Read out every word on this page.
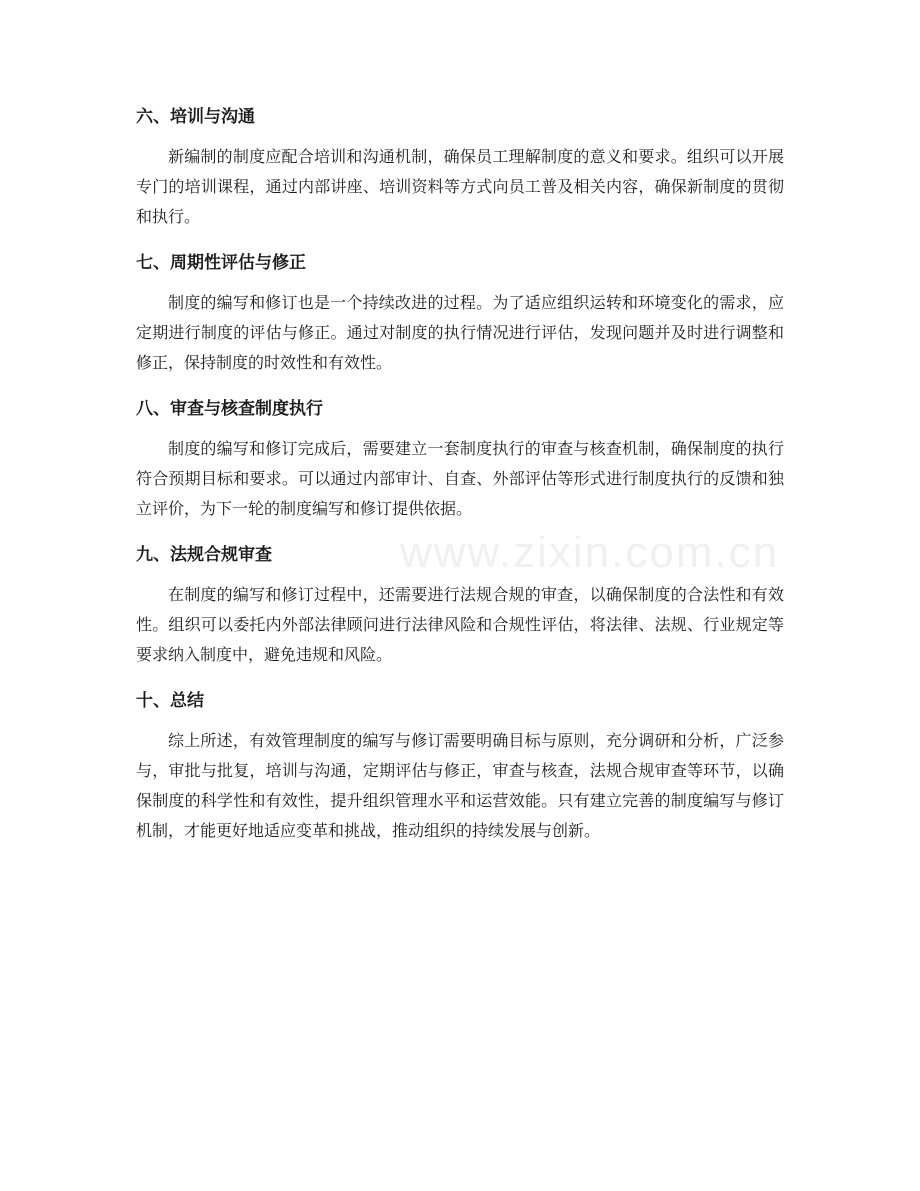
www.zixin.com.cn
六、培训与沟通

新编制的制度应配合培训和沟通机制，确保员工理解制度的意义和要求。组织可以开展专门的培训课程，通过内部讲座、培训资料等方式向员工普及相关内容，确保新制度的贯彻和执行。

七、周期性评估与修正

制度的编写和修订也是一个持续改进的过程。为了适应组织运转和环境变化的需求，应定期进行制度的评估与修正。通过对制度的执行情况进行评估，发现问题并及时进行调整和修正，保持制度的时效性和有效性。

八、审查与核查制度执行

制度的编写和修订完成后，需要建立一套制度执行的审查与核查机制，确保制度的执行符合预期目标和要求。可以通过内部审计、自查、外部评估等形式进行制度执行的反馈和独立评价，为下一轮的制度编写和修订提供依据。

九、法规合规审查

在制度的编写和修订过程中，还需要进行法规合规的审查，以确保制度的合法性和有效性。组织可以委托内外部法律顾问进行法律风险和合规性评估，将法律、法规、行业规定等要求纳入制度中，避免违规和风险。

十、总结

综上所述，有效管理制度的编写与修订需要明确目标与原则，充分调研和分析，广泛参与，审批与批复，培训与沟通，定期评估与修正，审查与核查，法规合规审查等环节，以确保制度的科学性和有效性，提升组织管理水平和运营效能。只有建立完善的制度编写与修订机制，才能更好地适应变革和挑战，推动组织的持续发展与创新。
